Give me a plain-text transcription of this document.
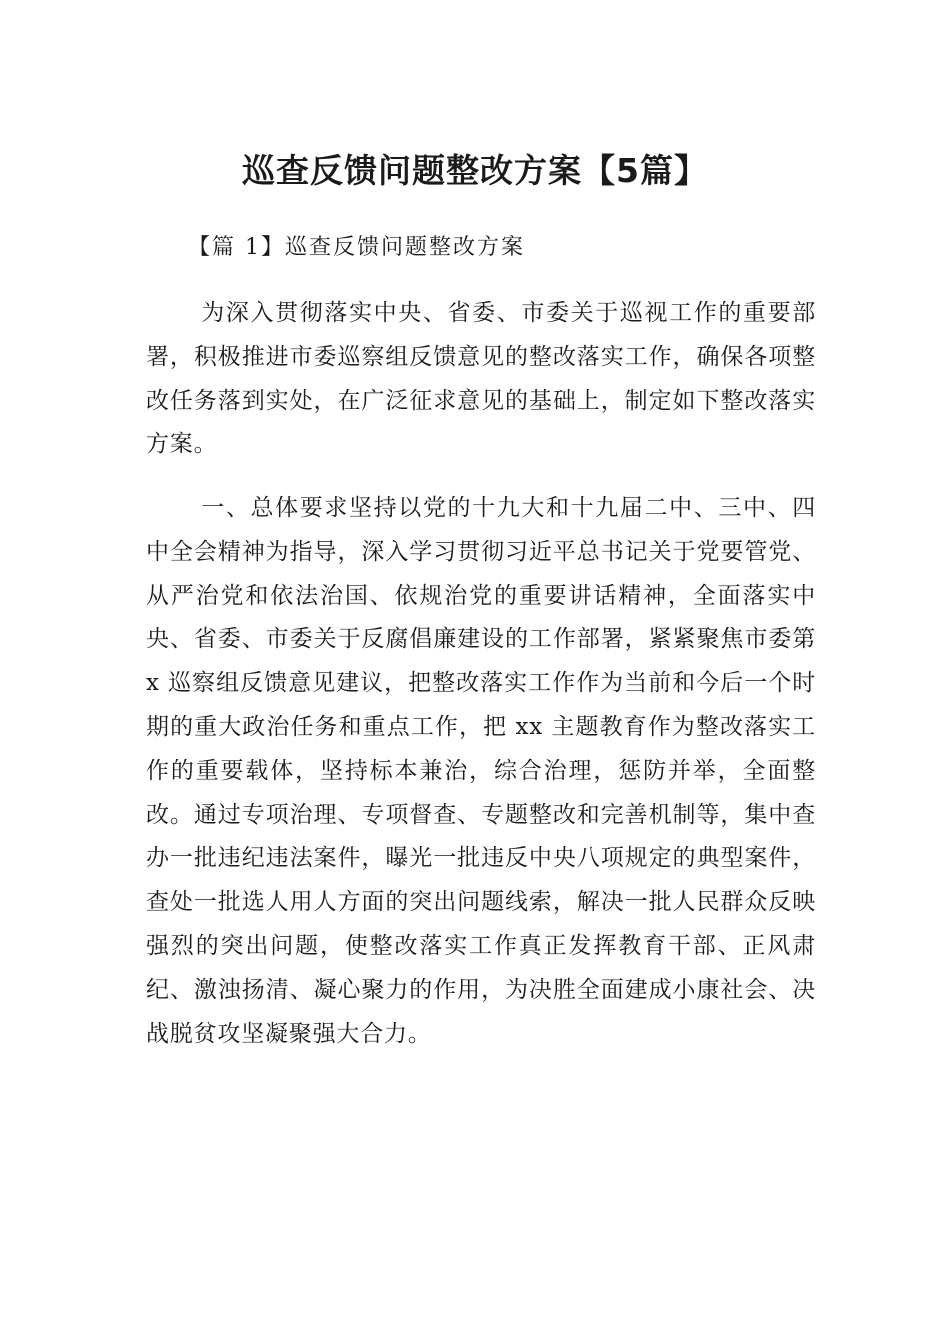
巡查反馈问题整改方案【5篇】

【篇 1】巡查反馈问题整改方案

为深入贯彻落实中央、省委、市委关于巡视工作的重要部署，积极推进市委巡察组反馈意见的整改落实工作，确保各项整改任务落到实处，在广泛征求意见的基础上，制定如下整改落实方案。

一、总体要求坚持以党的十九大和十九届二中、三中、四中全会精神为指导，深入学习贯彻习近平总书记关于党要管党、从严治党和依法治国、依规治党的重要讲话精神，全面落实中央、省委、市委关于反腐倡廉建设的工作部署，紧紧聚焦市委第 x 巡察组反馈意见建议，把整改落实工作作为当前和今后一个时期的重大政治任务和重点工作，把 xx 主题教育作为整改落实工作的重要载体，坚持标本兼治，综合治理，惩防并举，全面整改。通过专项治理、专项督查、专题整改和完善机制等，集中查办一批违纪违法案件，曝光一批违反中央八项规定的典型案件，查处一批选人用人方面的突出问题线索，解决一批人民群众反映强烈的突出问题，使整改落实工作真正发挥教育干部、正风肃纪、激浊扬清、凝心聚力的作用，为决胜全面建成小康社会、决战脱贫攻坚凝聚强大合力。
